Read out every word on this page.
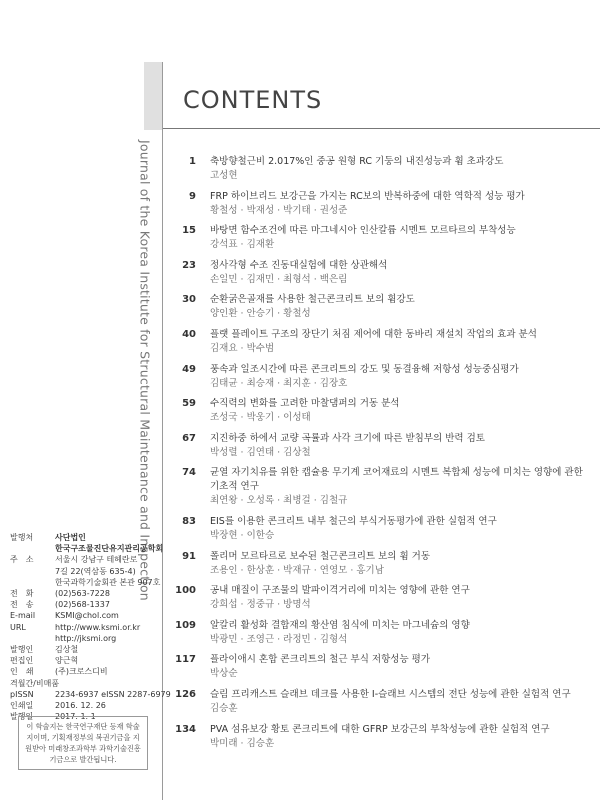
Journal of the Korea Institute for Structural Maintenance and Inspection
CONTENTS
1	축방향철근비 2.017%인 중공 원형 RC 기둥의 내진성능과 휨 초과강도
고성현
9	FRP 하이브리드 보강근을 가지는 RC보의 반복하중에 대한 역학적 성능 평가
황철성 · 박재성 · 박기태 · 권성준
15	바탕면 함수조건에 따른 마그네시아 인산칼륨 시멘트 모르타르의 부착성능
강석표 · 김재환
23	정사각형 수조 진동대실험에 대한 상관해석
손일민 · 김재민 · 최형석 · 백은림
30	순환굵은골재를 사용한 철근콘크리트 보의 휨강도
양인환 · 안승기 · 황철성
40	플랫 플레이트 구조의 장단기 처짐 제어에 대한 동바리 재설치 작업의 효과 분석
김재요 · 박수범
49	풍속과 일조시간에 따른 콘크리트의 강도 및 동결융해 저항성 성능중심평가
김태균 · 최승재 · 최지훈 · 김장호
59	수직력의 변화를 고려한 마찰댐퍼의 거동 분석
조성국 · 박웅기 · 이성태
67	지진하중 하에서 교량 곡률과 사각 크기에 따른 받침부의 반력 검토
박성렬 · 김연태 · 김상철
74	균열 자기치유를 위한 캡슐용 무기계 코어재료의 시멘트 복합체 성능에 미치는 영향에 관한 기초적 연구
최연왕 · 오성록 · 최병걸 · 김철규
83	EIS를 이용한 콘크리트 내부 철근의 부식거동평가에 관한 실험적 연구
박장현 · 이한승
91	폴리머 모르타르로 보수된 철근콘크리트 보의 휨 거동
조용인 · 한상훈 · 박재규 · 연영모 · 홍기남
100	공내 매질이 구조물의 발파이격거리에 미치는 영향에 관한 연구
강희섭 · 정중규 · 방명석
109	알칼리 활성화 결합재의 황산염 침식에 미치는 마그네슘의 영향
박광민 · 조영근 · 라정민 · 김형석
117	플라이애시 혼합 콘크리트의 철근 부식 저항성능 평가
박상순
126	슬림 프리캐스트 슬래브 데크를 사용한 I-슬래브 시스템의 전단 성능에 관한 실험적 연구
김승훈
134	PVA 섬유보강 황토 콘크리트에 대한 GFRP 보강근의 부착성능에 관한 실험적 연구
박미래 · 김승훈
발행처	사단법인
한국구조물진단유지관리공학회
주　소	서울시 강남구 테헤란로
7길 22(역삼동 635-4)
한국과학기술회관 본관 907호
전　화	(02)563-7228
전　송	(02)568-1337
E-mail	KSMI@chol.com
URL	http://www.ksmi.or.kr
http://jksmi.org
발행인	김상철
편집인	양근혁
인　쇄	(주)크로스디비
격월간/비매품
pISSN	2234-6937 eISSN 2287-6979
인쇄일	2016. 12. 26
발행일	2017. 1. 1
이 학술지는 한국연구재단 등재 학술지이며, 기획재정부의 복권기금을 지원받아 미래창조과학부 과학기술진흥기금으로 발간됩니다.
